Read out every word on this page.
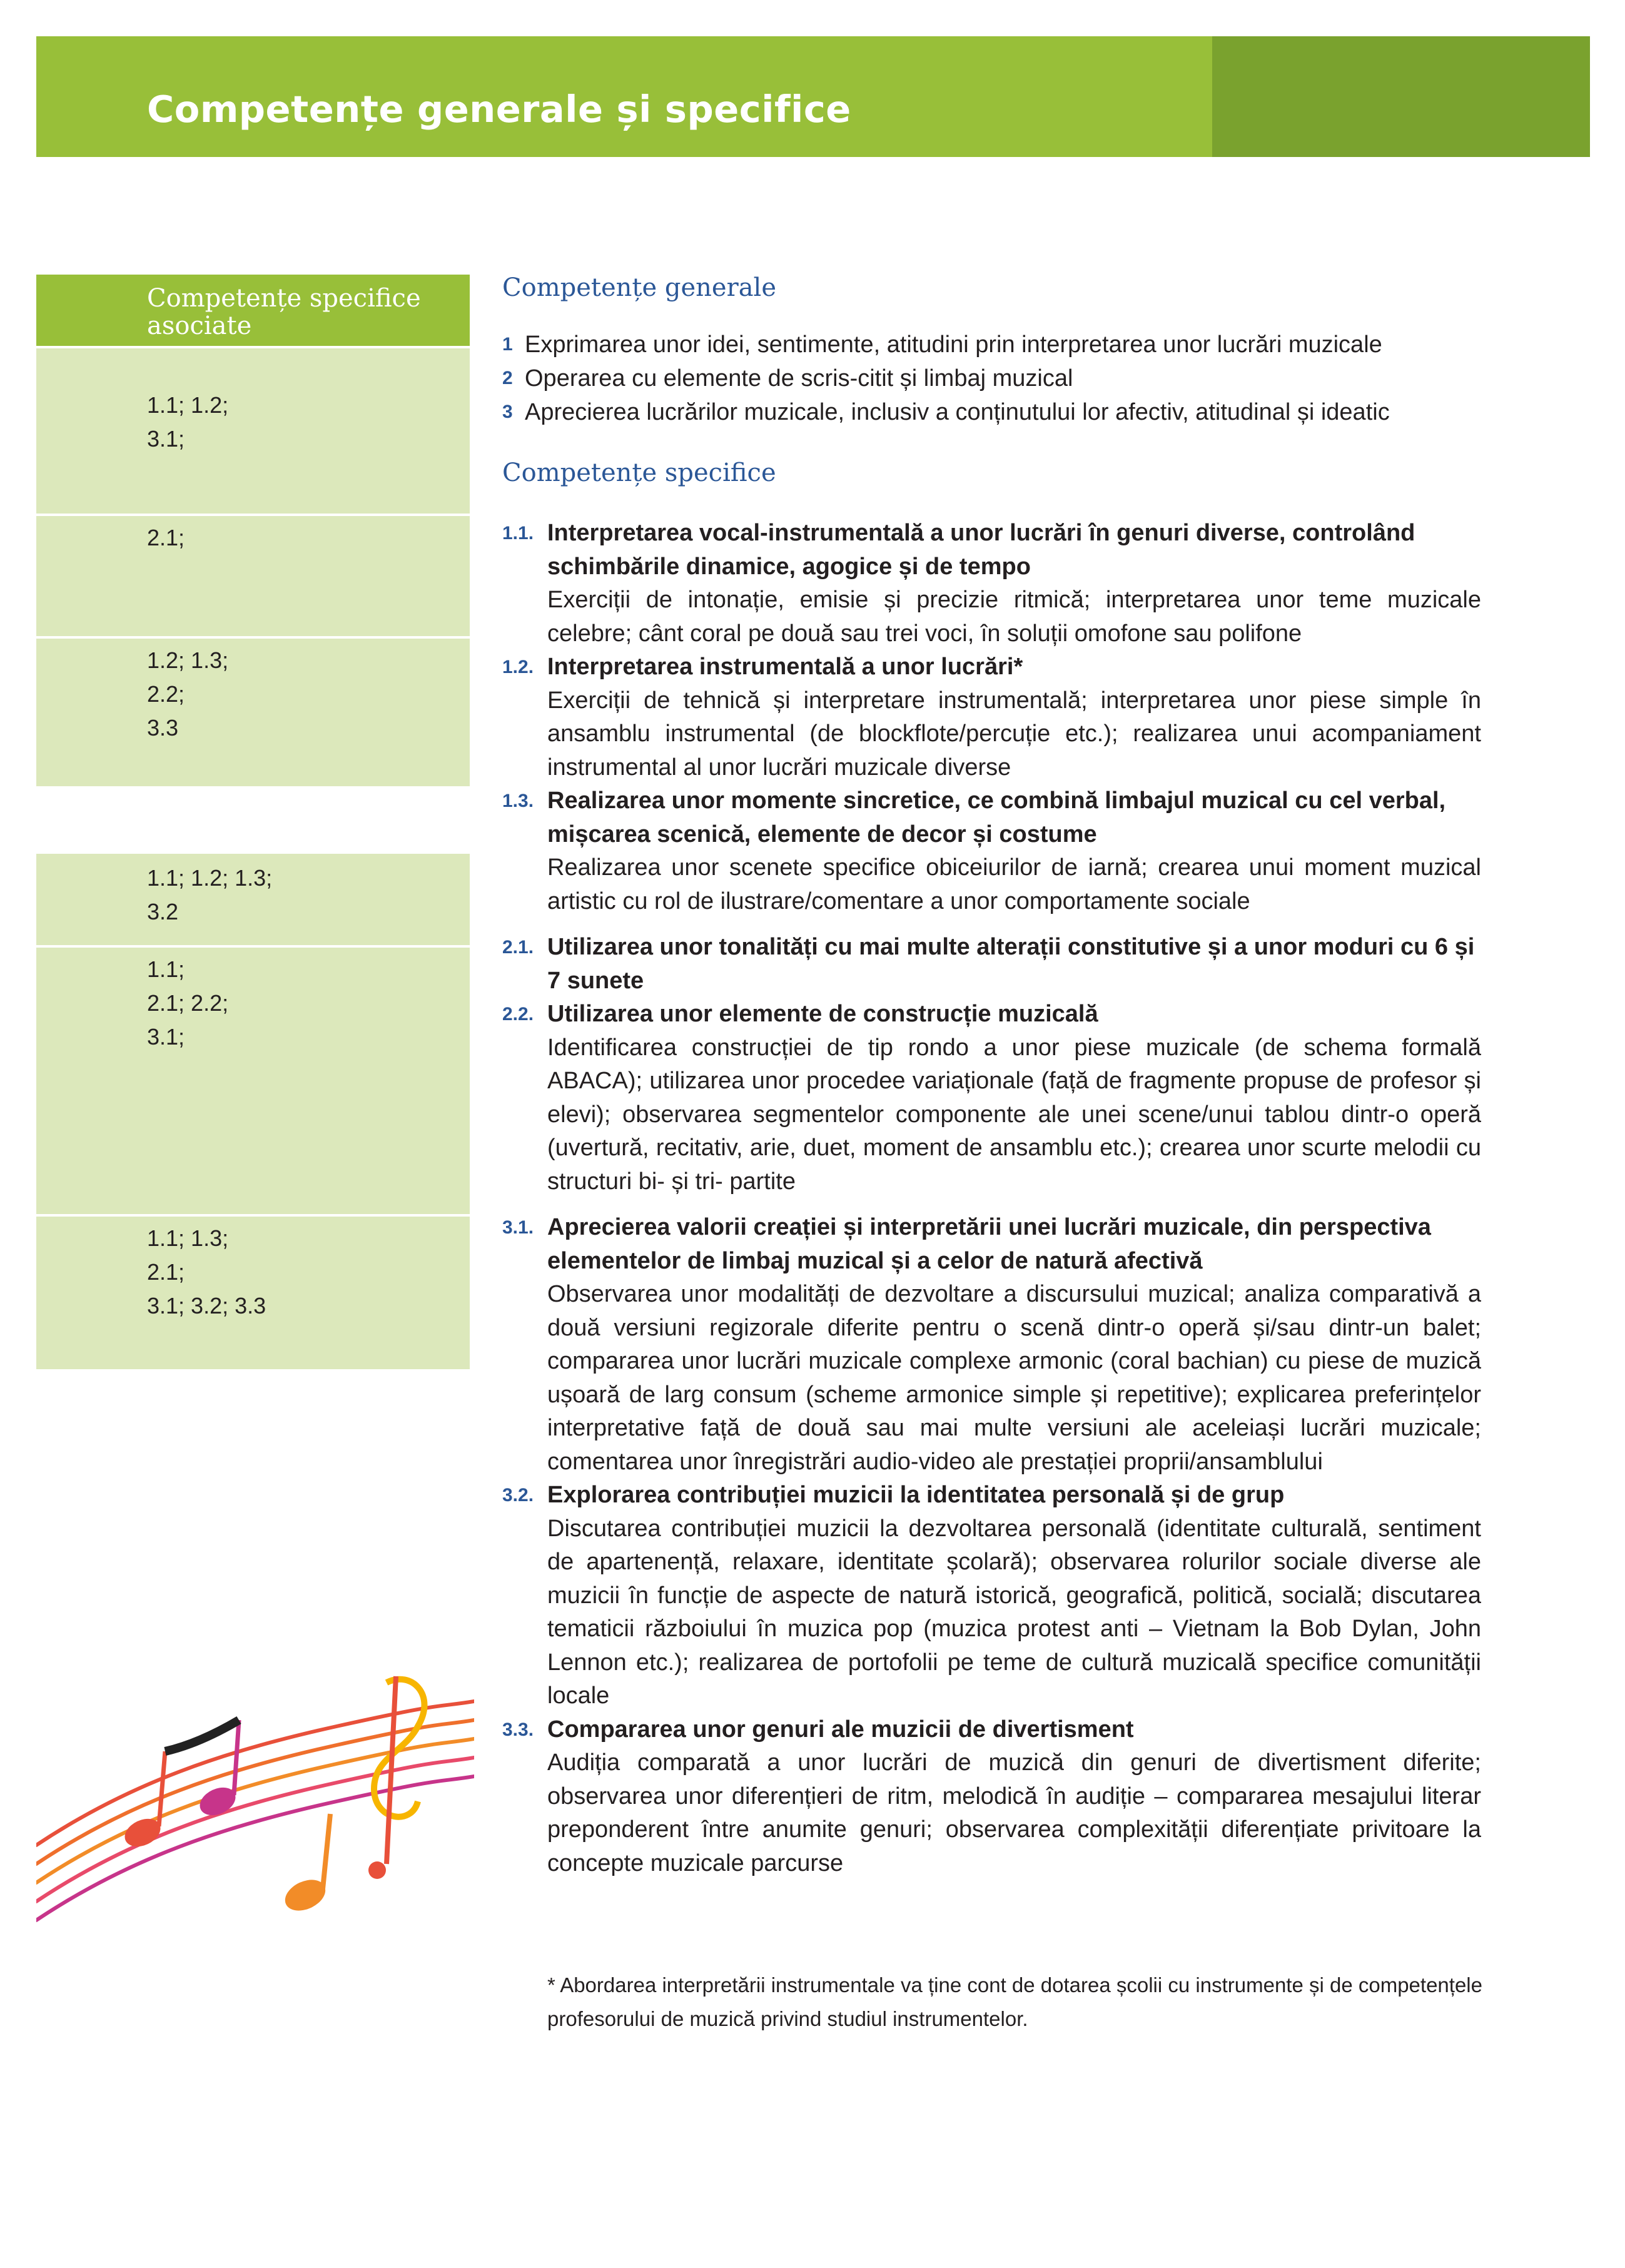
Competențe generale și specifice
Competențe specifice asociate
1.1; 1.2;
3.1;
2.1;
1.2; 1.3;
2.2;
3.3
1.1; 1.2; 1.3;
3.2
1.1;
2.1; 2.2;
3.1;
1.1; 1.3;
2.1;
3.1; 3.2; 3.3
Competențe generale
1 Exprimarea unor idei, sentimente, atitudini prin interpretarea unor lucrări muzicale
2 Operarea cu elemente de scris-citit și limbaj muzical
3 Aprecierea lucrărilor muzicale, inclusiv a conținutului lor afectiv, atitudinal și ideatic
Competențe specifice
1.1. Interpretarea vocal-instrumentală a unor lucrări în genuri diverse, controlând schimbările dinamice, agogice și de tempo
Exerciții de intonație, emisie și precizie ritmică; interpretarea unor teme muzicale celebre; cânt coral pe două sau trei voci, în soluții omofone sau polifone
1.2. Interpretarea instrumentală a unor lucrări*
Exerciții de tehnică și interpretare instrumentală; interpretarea unor piese simple în ansamblu instrumental (de blockflote/percuție etc.); realizarea unui acompaniament instrumental al unor lucrări muzicale diverse
1.3. Realizarea unor momente sincretice, ce combină limbajul muzical cu cel verbal, mișcarea scenică, elemente de decor și costume
Realizarea unor scenete specifice obiceiurilor de iarnă; crearea unui moment muzical artistic cu rol de ilustrare/comentare a unor comportamente sociale
2.1. Utilizarea unor tonalități cu mai multe alterații constitutive și a unor moduri cu 6 și 7 sunete
2.2. Utilizarea unor elemente de construcție muzicală
Identificarea construcției de tip rondo a unor piese muzicale (de schema formală ABACA); utilizarea unor procedee variaționale (față de fragmente propuse de profesor și elevi); observarea segmentelor componente ale unei scene/unui tablou dintr-o operă (uvertură, recitativ, arie, duet, moment de ansamblu etc.); crearea unor scurte melodii cu structuri bi- și tri- partite
3.1. Aprecierea valorii creației și interpretării unei lucrări muzicale, din perspectiva elementelor de limbaj muzical și a celor de natură afectivă
Observarea unor modalități de dezvoltare a discursului muzical; analiza comparativă a două versiuni regizorale diferite pentru o scenă dintr-o operă și/sau dintr-un balet; compararea unor lucrări muzicale complexe armonic (coral bachian) cu piese de muzică ușoară de larg consum (scheme armonice simple și repetitive); explicarea preferințelor interpretative față de două sau mai multe versiuni ale aceleiași lucrări muzicale; comentarea unor înregistrări audio-video ale prestației proprii/ansamblului
3.2. Explorarea contribuției muzicii la identitatea personală și de grup
Discutarea contribuției muzicii la dezvoltarea personală (identitate culturală, sentiment de apartenență, relaxare, identitate școlară); observarea rolurilor sociale diverse ale muzicii în funcție de aspecte de natură istorică, geografică, politică, socială; discutarea tematicii războiului în muzica pop (muzica protest anti – Vietnam la Bob Dylan, John Lennon etc.); realizarea de portofolii pe teme de cultură muzicală specifice comunității locale
3.3. Compararea unor genuri ale muzicii de divertisment
Audiția comparată a unor lucrări de muzică din genuri de divertisment diferite; observarea unor diferențieri de ritm, melodică în audiție – compararea mesajului literar preponderent între anumite genuri; observarea complexității diferențiate privitoare la concepte muzicale parcurse
* Abordarea interpretării instrumentale va ține cont de dotarea școlii cu instrumente și de competențele profesorului de muzică privind studiul instrumentelor.
